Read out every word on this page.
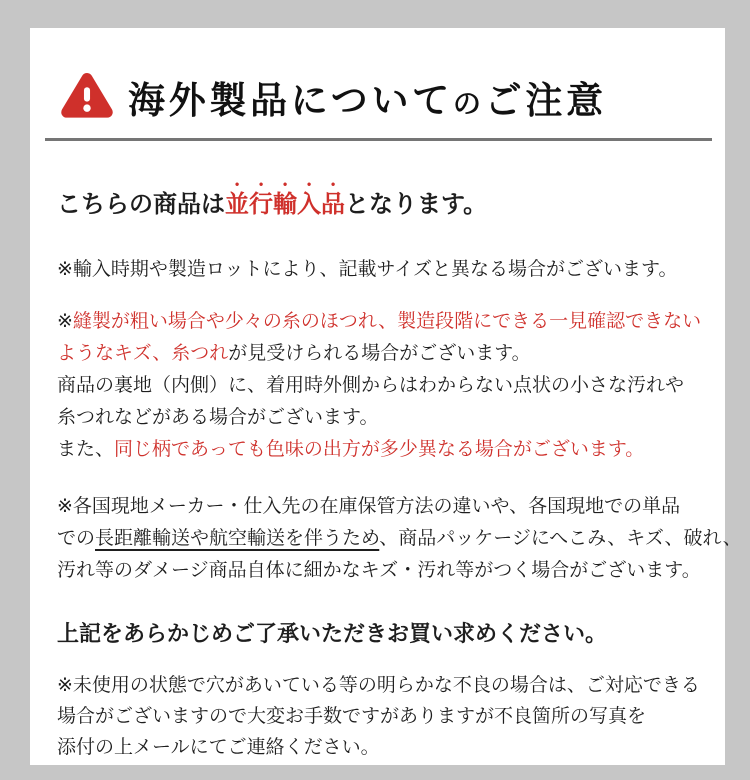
海外製品についてのご注意

こちらの商品は並行輸入品となります。

※輸入時期や製造ロットにより、記載サイズと異なる場合がございます。

※縫製が粗い場合や少々の糸のほつれ、製造段階にできる一見確認できない
ようなキズ、糸つれが見受けられる場合がございます。
商品の裏地（内側）に、着用時外側からはわからない点状の小さな汚れや
糸つれなどがある場合がございます。
また、同じ柄であっても色味の出方が多少異なる場合がございます。

※各国現地メーカー・仕入先の在庫保管方法の違いや、各国現地での単品
での長距離輸送や航空輸送を伴うため、商品パッケージにへこみ、キズ、破れ、
汚れ等のダメージ商品自体に細かなキズ・汚れ等がつく場合がございます。

上記をあらかじめご了承いただきお買い求めください。

※未使用の状態で穴があいている等の明らかな不良の場合は、ご対応できる
場合がございますので大変お手数ですがありますが不良箇所の写真を
添付の上メールにてご連絡ください。
